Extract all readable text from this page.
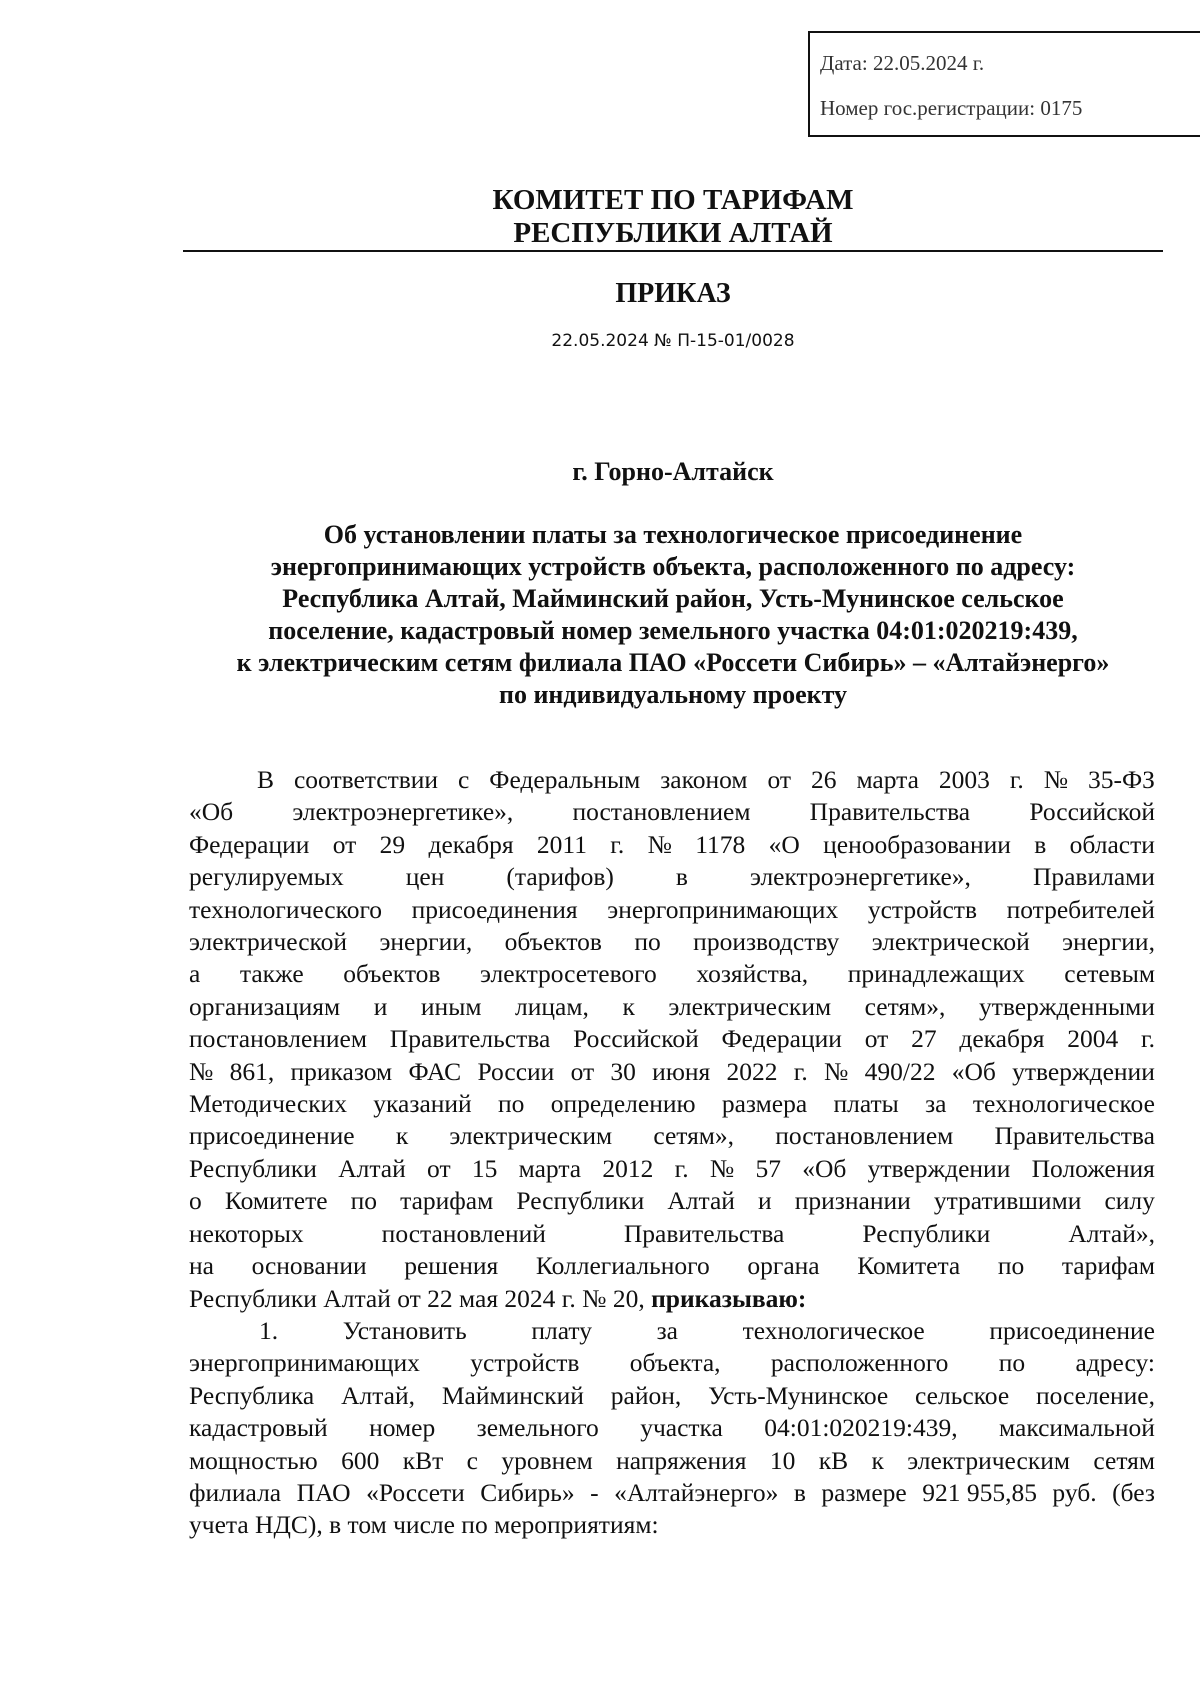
Дата: 22.05.2024 г.
Номер гос.регистрации: 0175
КОМИТЕТ ПО ТАРИФАМ
РЕСПУБЛИКИ АЛТАЙ
ПРИКАЗ
22.05.2024 № П-15-01/0028
г. Горно-Алтайск
Об установлении платы за технологическое присоединение
энергопринимающих устройств объекта, расположенного по адресу:
Республика Алтай, Майминский район, Усть-Мунинское сельское
поселение, кадастровый номер земельного участка 04:01:020219:439,
к электрическим сетям филиала ПАО «Россети Сибирь» – «Алтайэнерго»
по индивидуальному проекту
В соответствии с Федеральным законом от 26 марта 2003 г. № 35-ФЗ
«Об электроэнергетике», постановлением Правительства Российской
Федерации от 29 декабря 2011 г. № 1178 «О ценообразовании в области
регулируемых цен (тарифов) в электроэнергетике», Правилами
технологического присоединения энергопринимающих устройств потребителей
электрической энергии, объектов по производству электрической энергии,
а также объектов электросетевого хозяйства, принадлежащих сетевым
организациям и иным лицам, к электрическим сетям», утвержденными
постановлением Правительства Российской Федерации от 27 декабря 2004 г.
№ 861, приказом ФАС России от 30 июня 2022 г. № 490/22 «Об утверждении
Методических указаний по определению размера платы за технологическое
присоединение к электрическим сетям», постановлением Правительства
Республики Алтай от 15 марта 2012 г. № 57 «Об утверждении Положения
о Комитете по тарифам Республики Алтай и признании утратившими силу
некоторых	постановлений	Правительства	Республики	Алтай»,
на основании решения Коллегиального органа Комитета по тарифам
Республики Алтай от 22 мая 2024 г. № 20, приказываю:
1.	Установить	плату	за	технологическое	присоединение
энергопринимающих устройств объекта, расположенного по адресу:
Республика Алтай, Майминский район, Усть-Мунинское сельское поселение,
кадастровый номер земельного участка 04:01:020219:439, максимальной
мощностью 600 кВт с уровнем напряжения 10 кВ к электрическим сетям
филиала ПАО «Россети Сибирь» - «Алтайэнерго» в размере 921 955,85 руб. (без
учета НДС), в том числе по мероприятиям:
